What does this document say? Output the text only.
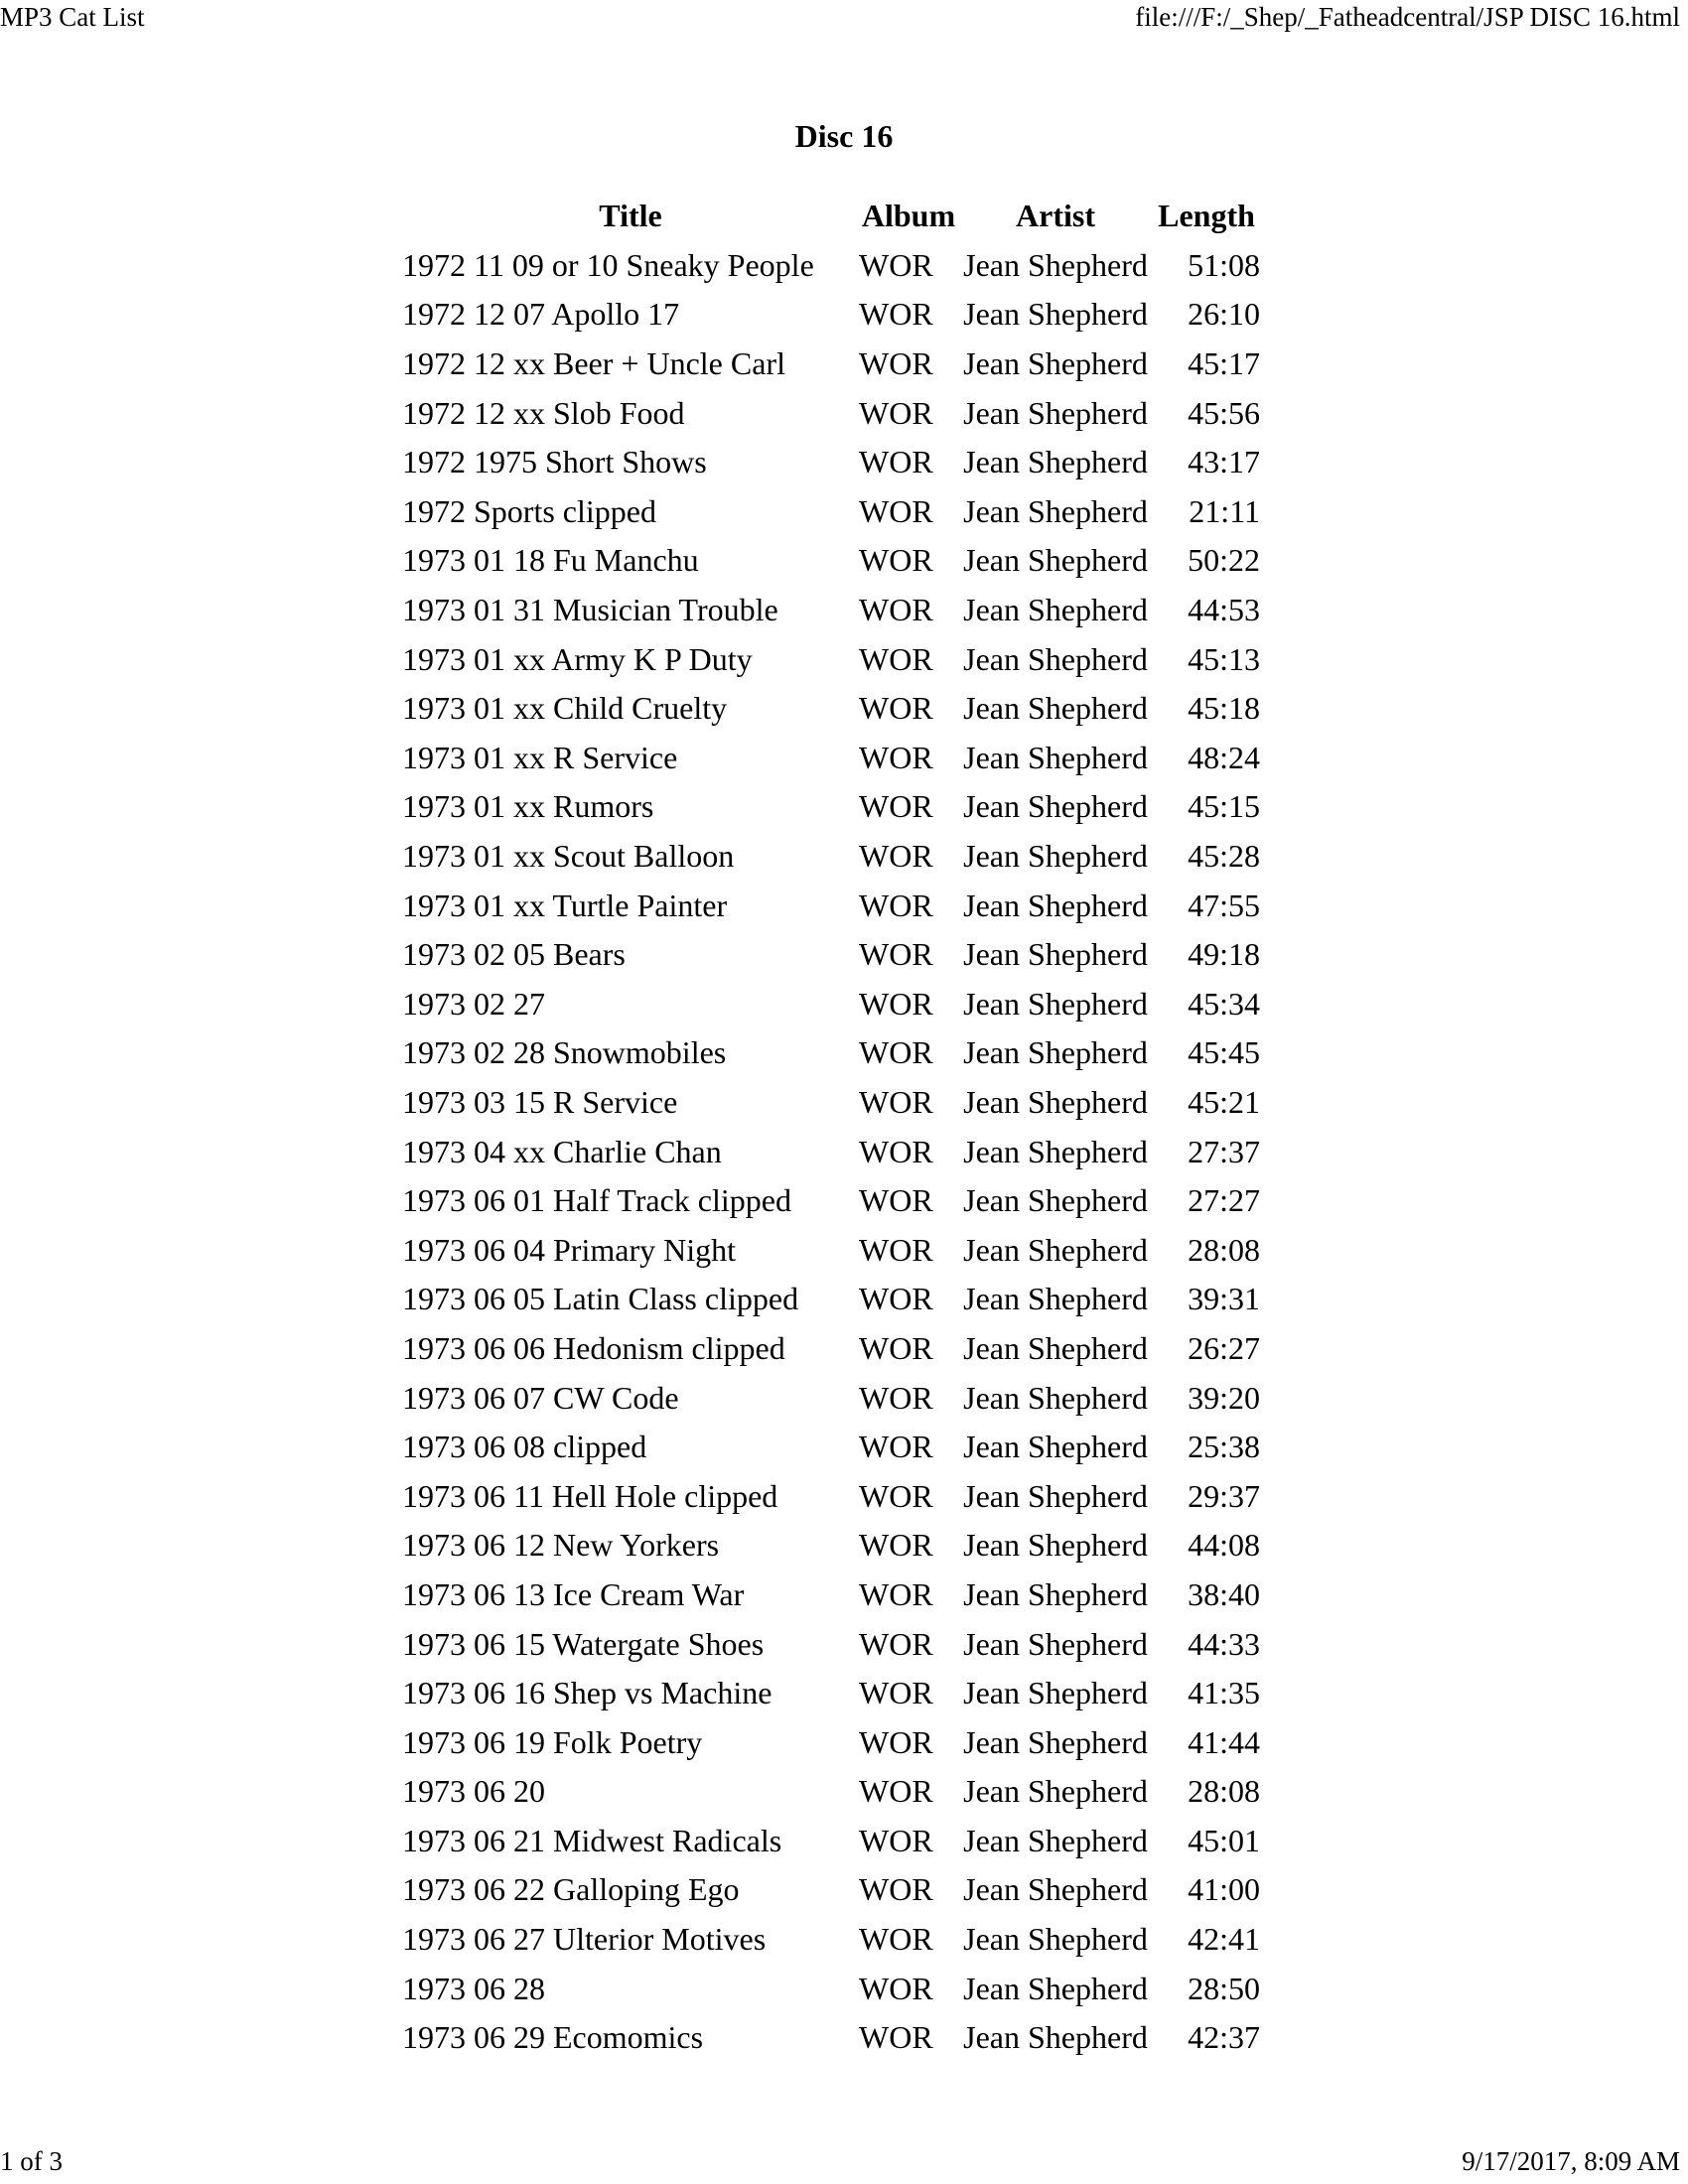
MP3 Cat List	file:///F:/_Shep/_Fatheadcentral/JSP DISC 16.html
Disc 16
Title	Album	Artist	Length
1972 11 09 or 10 Sneaky People	WOR	Jean Shepherd	51:08
1972 12 07 Apollo 17	WOR	Jean Shepherd	26:10
1972 12 xx Beer + Uncle Carl	WOR	Jean Shepherd	45:17
1972 12 xx Slob Food	WOR	Jean Shepherd	45:56
1972 1975 Short Shows	WOR	Jean Shepherd	43:17
1972 Sports clipped	WOR	Jean Shepherd	21:11
1973 01 18 Fu Manchu	WOR	Jean Shepherd	50:22
1973 01 31 Musician Trouble	WOR	Jean Shepherd	44:53
1973 01 xx Army K P Duty	WOR	Jean Shepherd	45:13
1973 01 xx Child Cruelty	WOR	Jean Shepherd	45:18
1973 01 xx R Service	WOR	Jean Shepherd	48:24
1973 01 xx Rumors	WOR	Jean Shepherd	45:15
1973 01 xx Scout Balloon	WOR	Jean Shepherd	45:28
1973 01 xx Turtle Painter	WOR	Jean Shepherd	47:55
1973 02 05 Bears	WOR	Jean Shepherd	49:18
1973 02 27	WOR	Jean Shepherd	45:34
1973 02 28 Snowmobiles	WOR	Jean Shepherd	45:45
1973 03 15 R Service	WOR	Jean Shepherd	45:21
1973 04 xx Charlie Chan	WOR	Jean Shepherd	27:37
1973 06 01 Half Track clipped	WOR	Jean Shepherd	27:27
1973 06 04 Primary Night	WOR	Jean Shepherd	28:08
1973 06 05 Latin Class clipped	WOR	Jean Shepherd	39:31
1973 06 06 Hedonism clipped	WOR	Jean Shepherd	26:27
1973 06 07 CW Code	WOR	Jean Shepherd	39:20
1973 06 08 clipped	WOR	Jean Shepherd	25:38
1973 06 11 Hell Hole clipped	WOR	Jean Shepherd	29:37
1973 06 12 New Yorkers	WOR	Jean Shepherd	44:08
1973 06 13 Ice Cream War	WOR	Jean Shepherd	38:40
1973 06 15 Watergate Shoes	WOR	Jean Shepherd	44:33
1973 06 16 Shep vs Machine	WOR	Jean Shepherd	41:35
1973 06 19 Folk Poetry	WOR	Jean Shepherd	41:44
1973 06 20	WOR	Jean Shepherd	28:08
1973 06 21 Midwest Radicals	WOR	Jean Shepherd	45:01
1973 06 22 Galloping Ego	WOR	Jean Shepherd	41:00
1973 06 27 Ulterior Motives	WOR	Jean Shepherd	42:41
1973 06 28	WOR	Jean Shepherd	28:50
1973 06 29 Ecomomics	WOR	Jean Shepherd	42:37
1 of 3	9/17/2017, 8:09 AM
